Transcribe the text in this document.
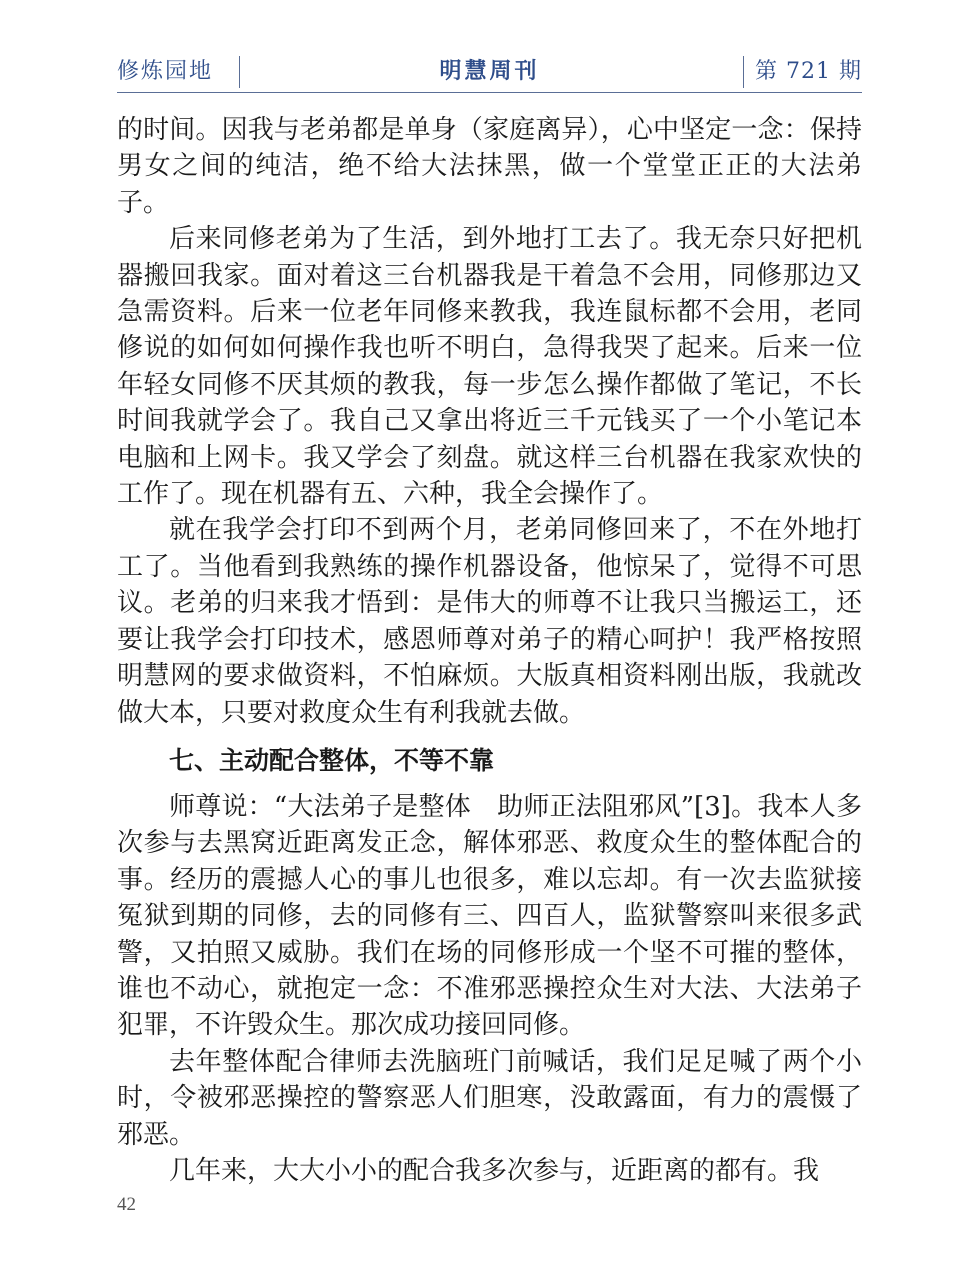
修炼园地	明慧周刊	第 721 期

的时间。因我与老弟都是单身（家庭离异），心中坚定一念：保持男女之间的纯洁，绝不给大法抹黑，做一个堂堂正正的大法弟子。

后来同修老弟为了生活，到外地打工去了。我无奈只好把机器搬回我家。面对着这三台机器我是干着急不会用，同修那边又急需资料。后来一位老年同修来教我，我连鼠标都不会用，老同修说的如何如何操作我也听不明白，急得我哭了起来。后来一位年轻女同修不厌其烦的教我，每一步怎么操作都做了笔记，不长时间我就学会了。我自己又拿出将近三千元钱买了一个小笔记本电脑和上网卡。我又学会了刻盘。就这样三台机器在我家欢快的工作了。现在机器有五、六种，我全会操作了。

就在我学会打印不到两个月，老弟同修回来了，不在外地打工了。当他看到我熟练的操作机器设备，他惊呆了，觉得不可思议。老弟的归来我才悟到：是伟大的师尊不让我只当搬运工，还要让我学会打印技术，感恩师尊对弟子的精心呵护！我严格按照明慧网的要求做资料，不怕麻烦。大版真相资料刚出版，我就改做大本，只要对救度众生有利我就去做。

七、主动配合整体，不等不靠

师尊说：“大法弟子是整体　助师正法阻邪风”[3]。我本人多次参与去黑窝近距离发正念，解体邪恶、救度众生的整体配合的事。经历的震撼人心的事儿也很多，难以忘却。有一次去监狱接冤狱到期的同修，去的同修有三、四百人，监狱警察叫来很多武警，又拍照又威胁。我们在场的同修形成一个坚不可摧的整体，谁也不动心，就抱定一念：不准邪恶操控众生对大法、大法弟子犯罪，不许毁众生。那次成功接回同修。

去年整体配合律师去洗脑班门前喊话，我们足足喊了两个小时，令被邪恶操控的警察恶人们胆寒，没敢露面，有力的震慑了邪恶。

几年来，大大小小的配合我多次参与，近距离的都有。我

42
